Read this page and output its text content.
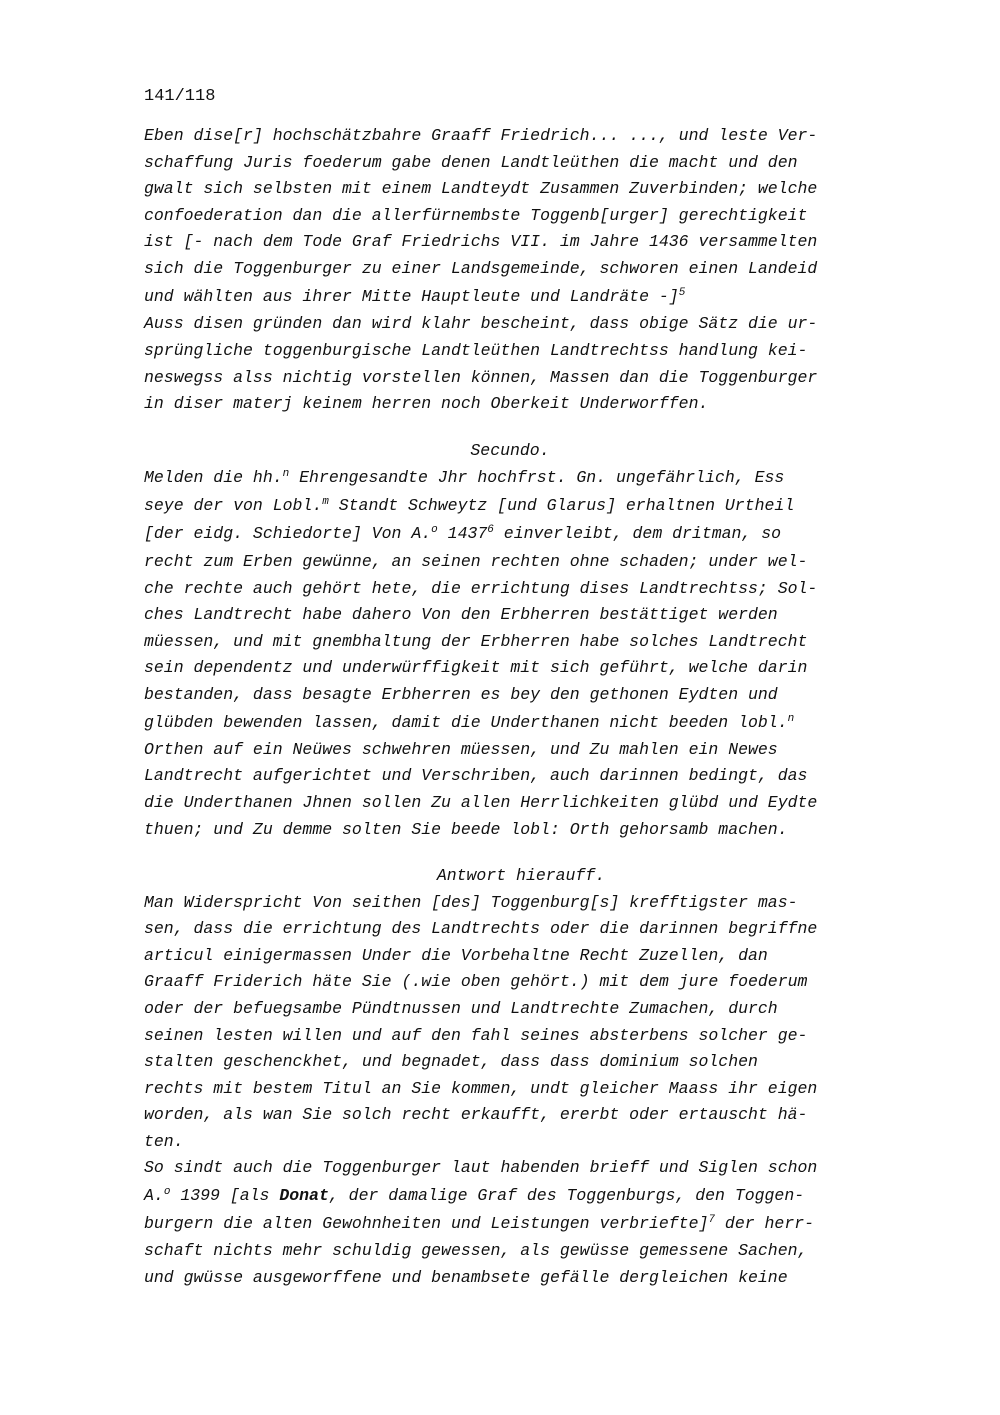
141/118
Eben dise[r] hochschätzbahre Graaff Friedrich... ..., und leste Ver-
schaffung Juris foederum gabe denen Landtleüthen die macht und den
gwalt sich selbsten mit einem Landteydt Zusammen Zuverbinden; welche
confoederation dan die allerfürnembste Toggenb[urger] gerechtigkeit
ist [- nach dem Tode Graf Friedrichs VII. im Jahre 1436 versammelten
sich die Toggenburger zu einer Landsgemeinde, schworen einen Landeid
und wählten aus ihrer Mitte Hauptleute und Landräte -]$^5$
Auss disen gründen dan wird klahr bescheint, dass obige Sätz die ur-
sprüngliche toggenburgische Landtleüthen Landtrechtss handlung kei-
neswegss alss nichtig vorstellen können, Massen dan die Toggenburger
in diser materj keinem herren noch Oberkeit Underworffen.
Secundo.
Melden die hh.$^n$ Ehrengesandte Jhr hochfrst. Gn. ungefährlich, Ess
seye der von Lobl.$^m$ Standt Schweytz [und Glarus] erhaltnen Urtheil
[der eidg. Schiedorte] Von A.$^o$ 1437$^6$ einverleibt, dem dritman, so
recht zum Erben gewünne, an seinen rechten ohne schaden; under wel-
che rechte auch gehört hete, die errichtung dises Landtrechtss; Sol-
ches Landtrecht habe dahero Von den Erbherren bestättiget werden
müessen, und mit gnembhaltung der Erbherren habe solches Landtrecht
sein dependentz und underwürffigkeit mit sich geführt, welche darin
bestanden, dass besagte Erbherren es bey den gethonen Eydten und
glübden bewenden lassen, damit die Underthanen nicht beeden lobl.$^n$
Orthen auf ein Neüwes schwehren müessen, und Zu mahlen ein Newes
Landtrecht aufgerichtet und Verschriben, auch darinnen bedingt, das
die Underthanen Jhnen sollen Zu allen Herrlichkeiten glübd und Eydte
thuen; und Zu demme solten Sie beede lobl: Orth gehorsamb machen.
Antwort hierauff.
Man Widerspricht Von seithen [des] Toggenburg[s] krefftigster mas-
sen, dass die errichtung des Landtrechts oder die darinnen begriffne
articul einigermassen Under die Vorbehaltne Recht Zuzellen, dan
Graaff Friderich häte Sie (.wie oben gehört.) mit dem jure foederum
oder der befuegsambe Pündtnussen und Landtrechte Zumachen, durch
seinen lesten willen und auf den fahl seines absterbens solcher ge-
stalten geschenckhet, und begnadet, dass dass dominium solchen
rechts mit bestem Titul an Sie kommen, undt gleicher Maass ihr eigen
worden, als wan Sie solch recht erkaufft, ererbt oder ertauscht hä-
ten.
So sindt auch die Toggenburger laut habenden brieff und Siglen schon
A.$^o$ 1399 [als Donat, der damalige Graf des Toggenburgs, den Toggen-
burgern die alten Gewohnheiten und Leistungen verbriefte]$^7$ der herr-
schaft nichts mehr schuldig gewessen, als gewüsse gemessene Sachen,
und gwüsse ausgeworffene und benambsete gefälle dergleichen keine
